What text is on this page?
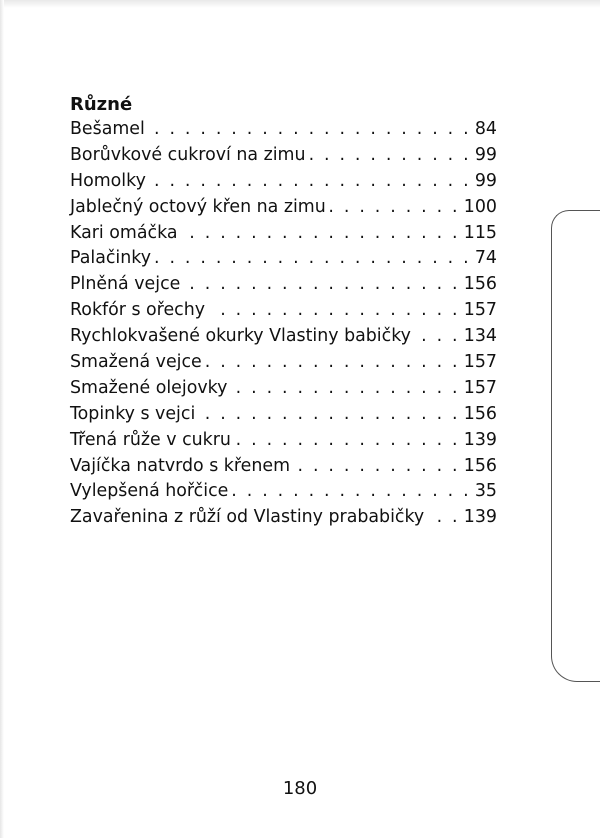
Různé
Bešamel . . .	84
Borůvkové cukroví na zimu . . .	99
Homolky . . .	99
Jablečný octový křen na zimu . . .	100
Kari omáčka . . .	115
Palačinky . . .	74
Plněná vejce . . .	156
Rokfór s ořechy . . .	157
Rychlokvašené okurky Vlastiny babičky . . .	134
Smažená vejce . . .	157
Smažené olejovky . . .	157
Topinky s vejci . . .	156
Třená růže v cukru . . .	139
Vajíčka natvrdo s křenem . . .	156
Vylepšená hořčice . . .	35
Zavařenina z růží od Vlastiny prababičky . . . 139
180
